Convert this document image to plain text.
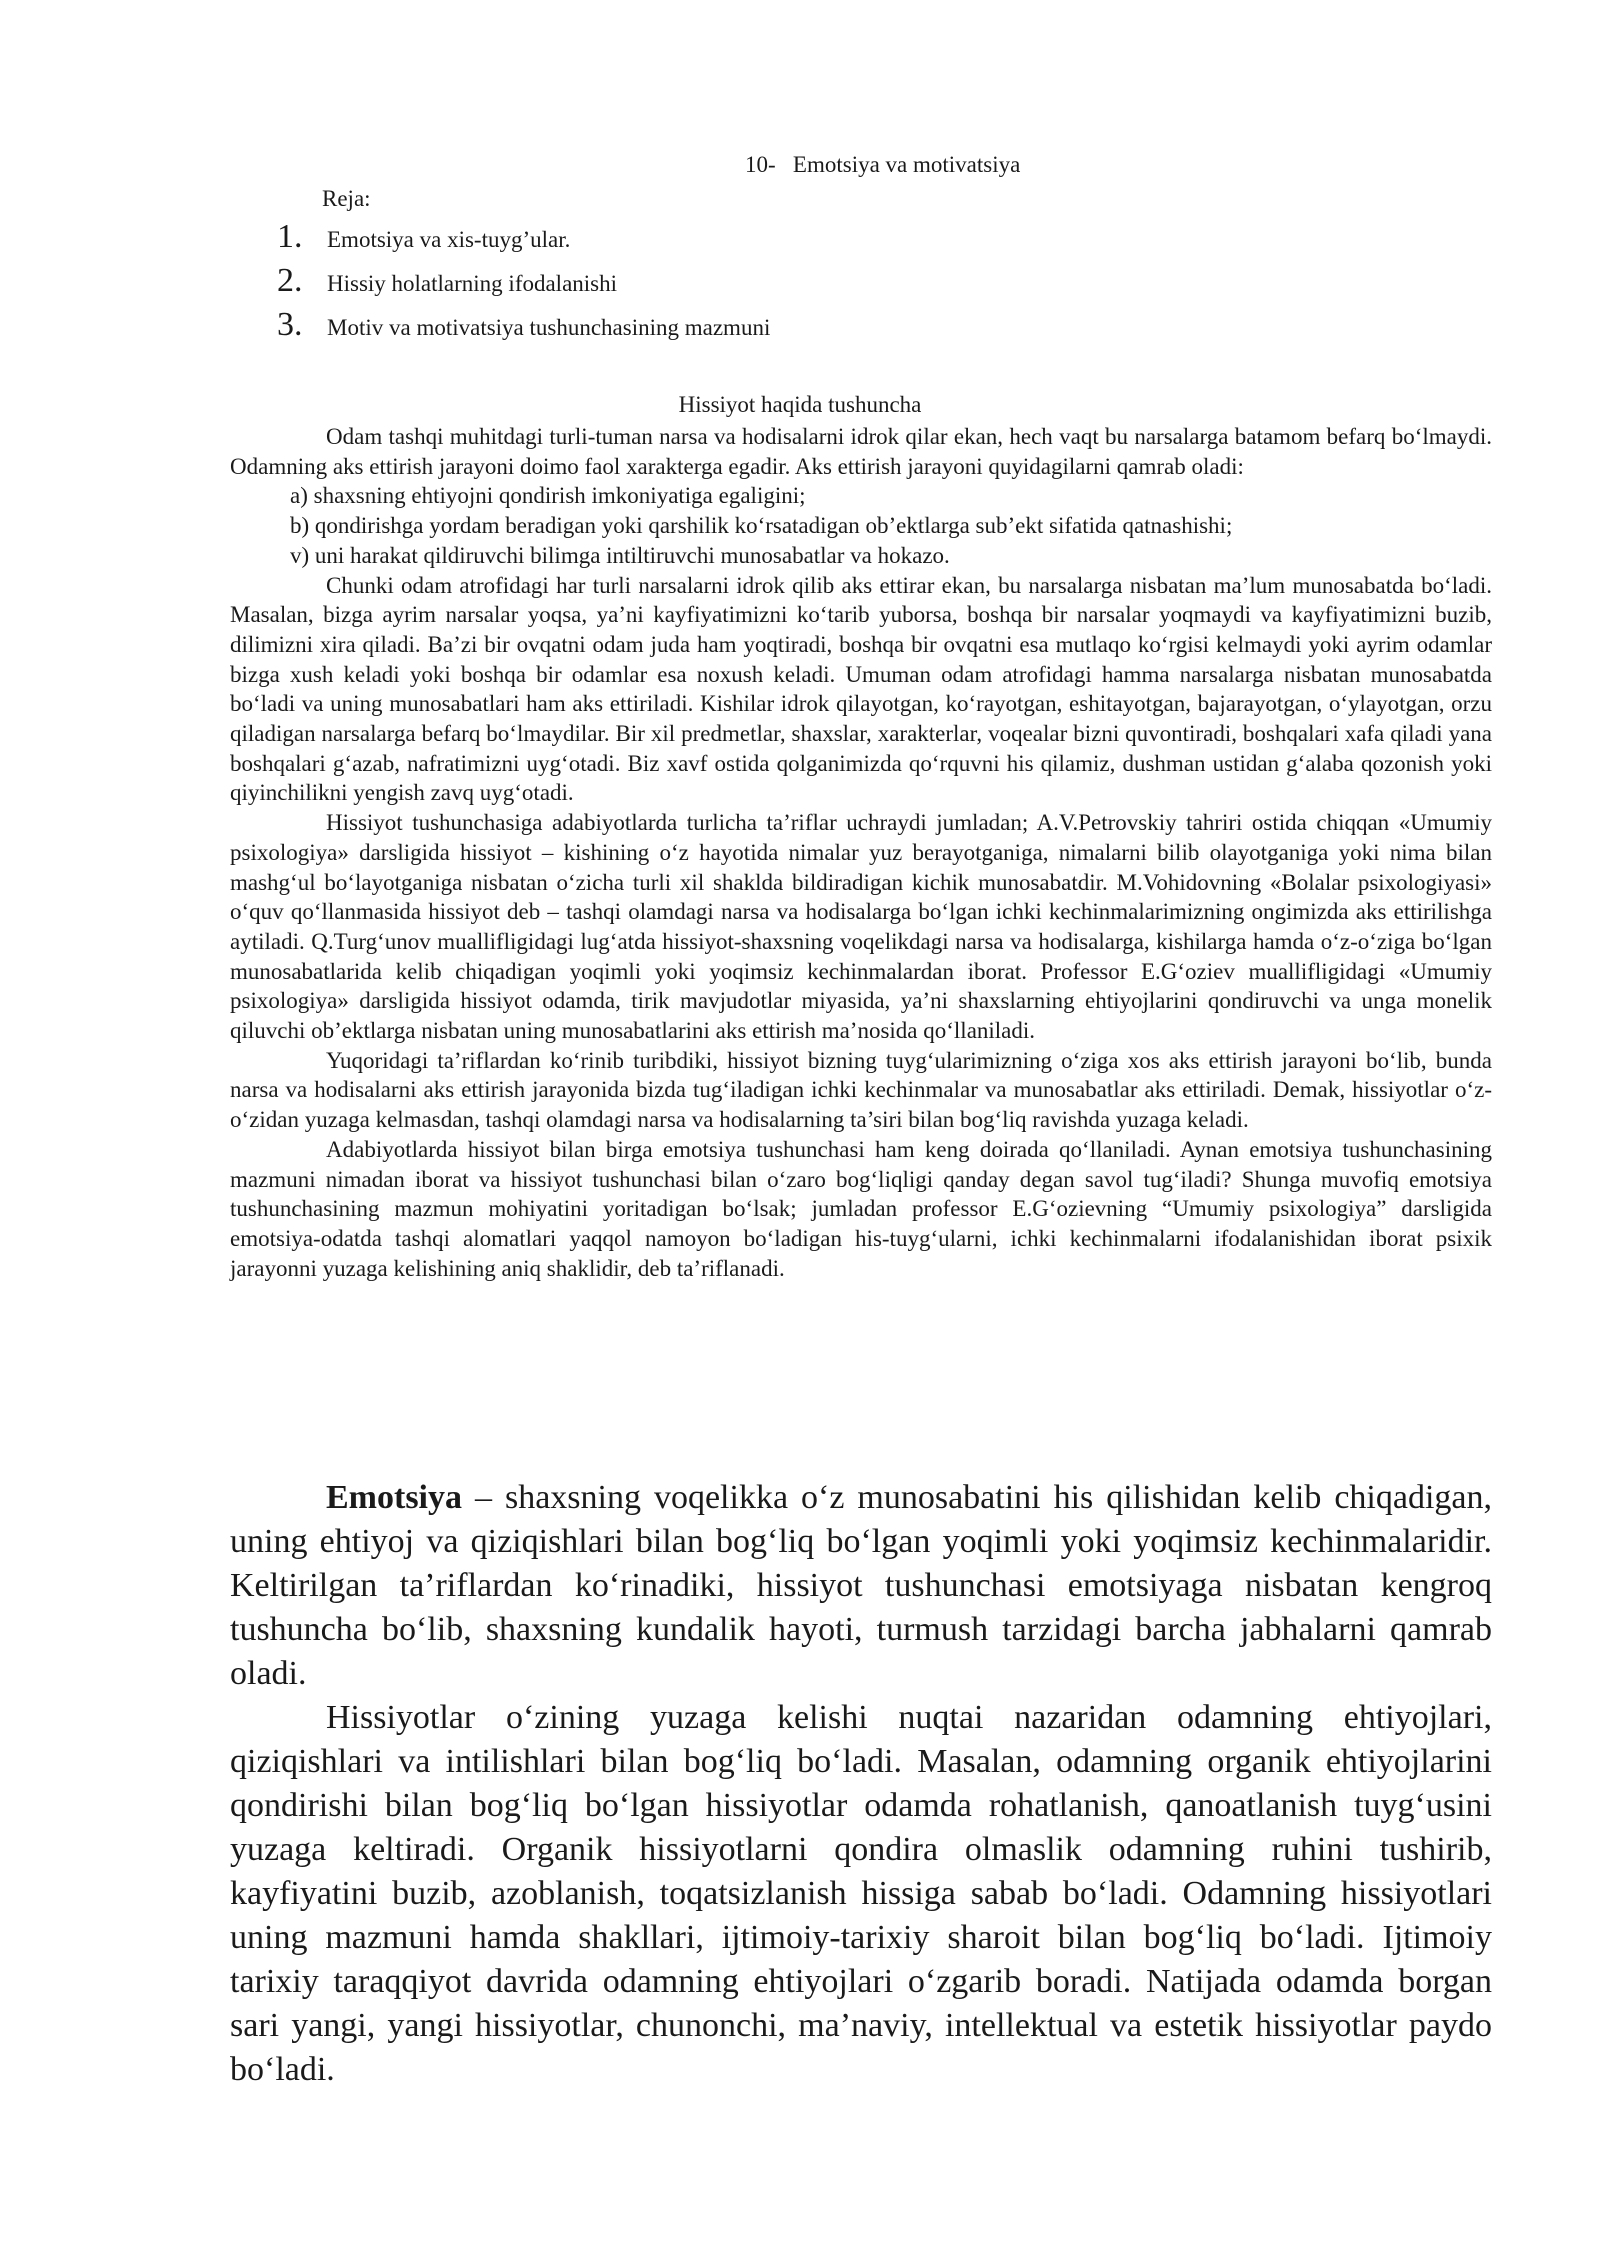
10-   Emotsiya va motivatsiya
Reja:
1.	Emotsiya va xis-tuyg’ular.
2.	Hissiy holatlarning ifodalanishi
3.	Motiv va motivatsiya tushunchasining mazmuni
Hissiyot haqida tushuncha

Odam tashqi muhitdagi turli-tuman narsa va hodisalarni idrok qilar ekan, hech vaqt bu narsalarga batamom befarq bo‘lmaydi. Odamning aks ettirish jarayoni doimo faol xarakterga egadir. Aks ettirish jarayoni quyidagilarni qamrab oladi:

a) shaxsning ehtiyojni qondirish imkoniyatiga egaligini;

b) qondirishga yordam beradigan yoki qarshilik ko‘rsatadigan ob’ektlarga sub’ekt sifatida qatnashishi;

v) uni harakat qildiruvchi bilimga intiltiruvchi munosabatlar va hokazo.

Chunki odam atrofidagi har turli narsalarni idrok qilib aks ettirar ekan, bu narsalarga nisbatan ma’lum munosabatda bo‘ladi. Masalan, bizga ayrim narsalar yoqsa, ya’ni kayfiyatimizni ko‘tarib yuborsa, boshqa bir narsalar yoqmaydi va kayfiyatimizni buzib, dilimizni xira qiladi. Ba’zi bir ovqatni odam juda ham yoqtiradi, boshqa bir ovqatni esa mutlaqo ko‘rgisi kelmaydi yoki ayrim odamlar bizga xush keladi yoki boshqa bir odamlar esa noxush keladi. Umuman odam atrofidagi hamma narsalarga nisbatan munosabatda bo‘ladi va uning munosabatlari ham aks ettiriladi. Kishilar idrok qilayotgan, ko‘rayotgan, eshitayotgan, bajarayotgan, o‘ylayotgan, orzu qiladigan narsalarga befarq bo‘lmaydilar. Bir xil predmetlar, shaxslar, xarakterlar, voqealar bizni quvontiradi, boshqalari xafa qiladi yana boshqalari g‘azab, nafratimizni uyg‘otadi. Biz xavf ostida qolganimizda qo‘rquvni his qilamiz, dushman ustidan g‘alaba qozonish yoki qiyinchilikni yengish zavq uyg‘otadi.

Hissiyot tushunchasiga adabiyotlarda turlicha ta’riflar uchraydi jumladan; A.V.Petrovskiy tahriri ostida chiqqan «Umumiy psixologiya» darsligida hissiyot – kishining o‘z hayotida nimalar yuz berayotganiga, nimalarni bilib olayotganiga yoki nima bilan mashg‘ul bo‘layotganiga nisbatan o‘zicha turli xil shaklda bildiradigan kichik munosabatdir. M.Vohidovning «Bolalar psixologiyasi» o‘quv qo‘llanmasida hissiyot deb – tashqi olamdagi narsa va hodisalarga bo‘lgan ichki kechinmalarimizning ongimizda aks ettirilishga aytiladi. Q.Turg‘unov muallifligidagi lug‘atda hissiyot-shaxsning voqelikdagi narsa va hodisalarga, kishilarga hamda o‘z-o‘ziga bo‘lgan munosabatlarida kelib chiqadigan yoqimli yoki yoqimsiz kechinmalardan iborat. Professor E.G‘oziev muallifligidagi «Umumiy psixologiya» darsligida hissiyot odamda, tirik mavjudotlar miyasida, ya’ni shaxslarning ehtiyojlarini qondiruvchi va unga monelik qiluvchi ob’ektlarga nisbatan uning munosabatlarini aks ettirish ma’nosida qo‘llaniladi.

Yuqoridagi ta’riflardan ko‘rinib turibdiki, hissiyot bizning tuyg‘ularimizning o‘ziga xos aks ettirish jarayoni bo‘lib, bunda narsa va hodisalarni aks ettirish jarayonida bizda tug‘iladigan ichki kechinmalar va munosabatlar aks ettiriladi. Demak, hissiyotlar o‘z- o‘zidan yuzaga kelmasdan, tashqi olamdagi narsa va hodisalarning ta’siri bilan bog‘liq ravishda yuzaga keladi.

Adabiyotlarda hissiyot bilan birga emotsiya tushunchasi ham keng doirada qo‘llaniladi. Aynan emotsiya tushunchasining mazmuni nimadan iborat va hissiyot tushunchasi bilan o‘zaro bog‘liqligi qanday degan savol tug‘iladi? Shunga muvofiq emotsiya tushunchasining mazmun mohiyatini yoritadigan bo‘lsak; jumladan professor E.G‘ozievning “Umumiy psixologiya” darsligida emotsiya-odatda tashqi alomatlari yaqqol namoyon bo‘ladigan his-tuyg‘ularni, ichki kechinmalarni ifodalanishidan iborat psixik jarayonni yuzaga kelishining aniq shaklidir, deb ta’riflanadi.

Emotsiya – shaxsning voqelikka o‘z munosabatini his qilishidan kelib chiqadigan, uning ehtiyoj va qiziqishlari bilan bog‘liq bo‘lgan yoqimli yoki yoqimsiz kechinmalaridir. Keltirilgan ta’riflardan ko‘rinadiki, hissiyot tushunchasi emotsiyaga nisbatan kengroq tushuncha bo‘lib, shaxsning kundalik hayoti, turmush tarzidagi barcha jabhalarni qamrab oladi.

Hissiyotlar o‘zining yuzaga kelishi nuqtai nazaridan odamning ehtiyojlari, qiziqishlari va intilishlari bilan bog‘liq bo‘ladi. Masalan, odamning organik ehtiyojlarini qondirishi bilan bog‘liq bo‘lgan hissiyotlar odamda rohatlanish, qanoatlanish tuyg‘usini yuzaga keltiradi. Organik hissiyotlarni qondira olmaslik odamning ruhini tushirib, kayfiyatini buzib, azoblanish, toqatsizlanish hissiga sabab bo‘ladi. Odamning hissiyotlari uning mazmuni hamda shakllari, ijtimoiy-tarixiy sharoit bilan bog‘liq bo‘ladi. Ijtimoiy tarixiy taraqqiyot davrida odamning ehtiyojlari o‘zgarib boradi. Natijada odamda borgan sari yangi, yangi hissiyotlar, chunonchi, ma’naviy, intellektual va estetik hissiyotlar paydo bo‘ladi.
